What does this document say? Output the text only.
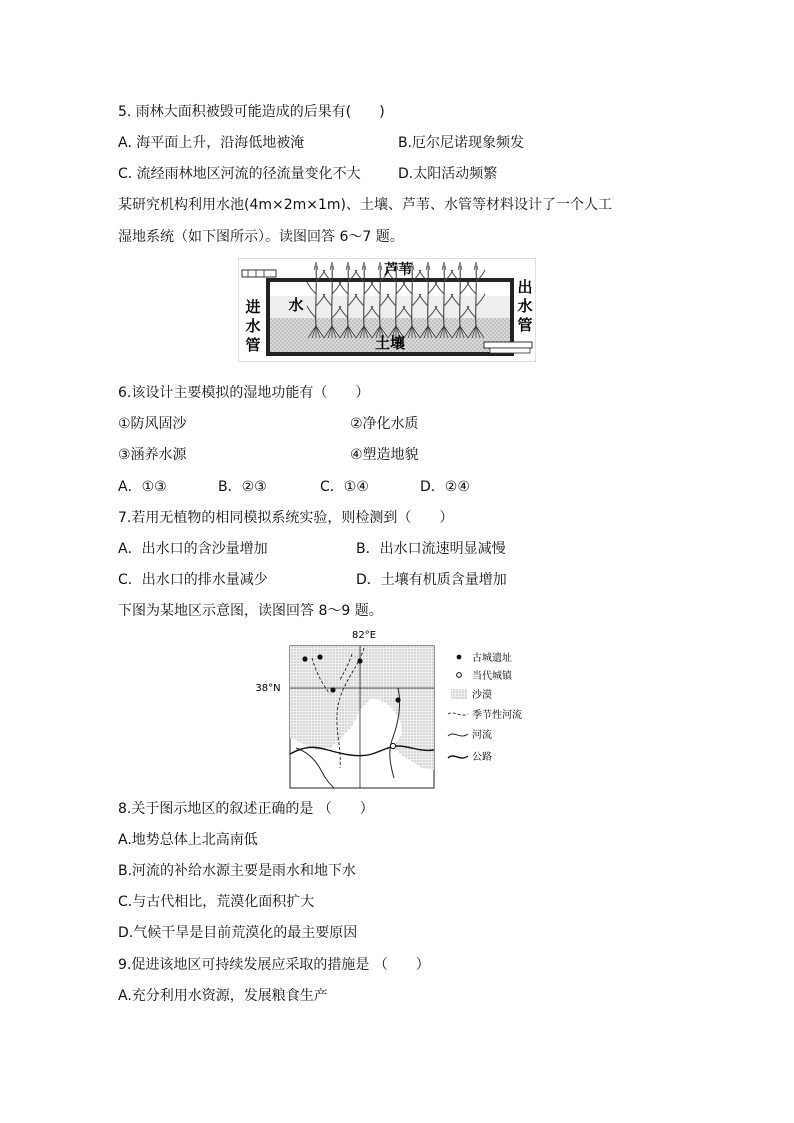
5. 雨林大面积被毁可能造成的后果有(　　)
A. 海平面上升，沿海低地被淹	B.厄尔尼诺现象频发
C. 流经雨林地区河流的径流量变化不大	D.太阳活动频繁
某研究机构利用水池(4m×2m×1m)、土壤、芦苇、水管等材料设计了一个人工
湿地系统（如下图所示）。读图回答 6～7 题。
芦苇
水
土壤
进
水
管
出
水
管
6.该设计主要模拟的湿地功能有（　　）
①防风固沙	②净化水质
③涵养水源	④塑造地貌
A．①③	B．②③	C．①④	D．②④
7.若用无植物的相同模拟系统实验，则检测到（　　）
A．出水口的含沙量增加	B．出水口流速明显减慢
C．出水口的排水量减少	D．土壤有机质含量增加
下图为某地区示意图，读图回答 8～9 题。
82°E
38°N
古城遗址
当代城镇
沙漠
季节性河流
河流
公路
8.关于图示地区的叙述正确的是 （　　）
A.地势总体上北高南低
B.河流的补给水源主要是雨水和地下水
C.与古代相比，荒漠化面积扩大
D.气候干旱是目前荒漠化的最主要原因
9.促进该地区可持续发展应采取的措施是 （　　）
A.充分利用水资源，发展粮食生产
